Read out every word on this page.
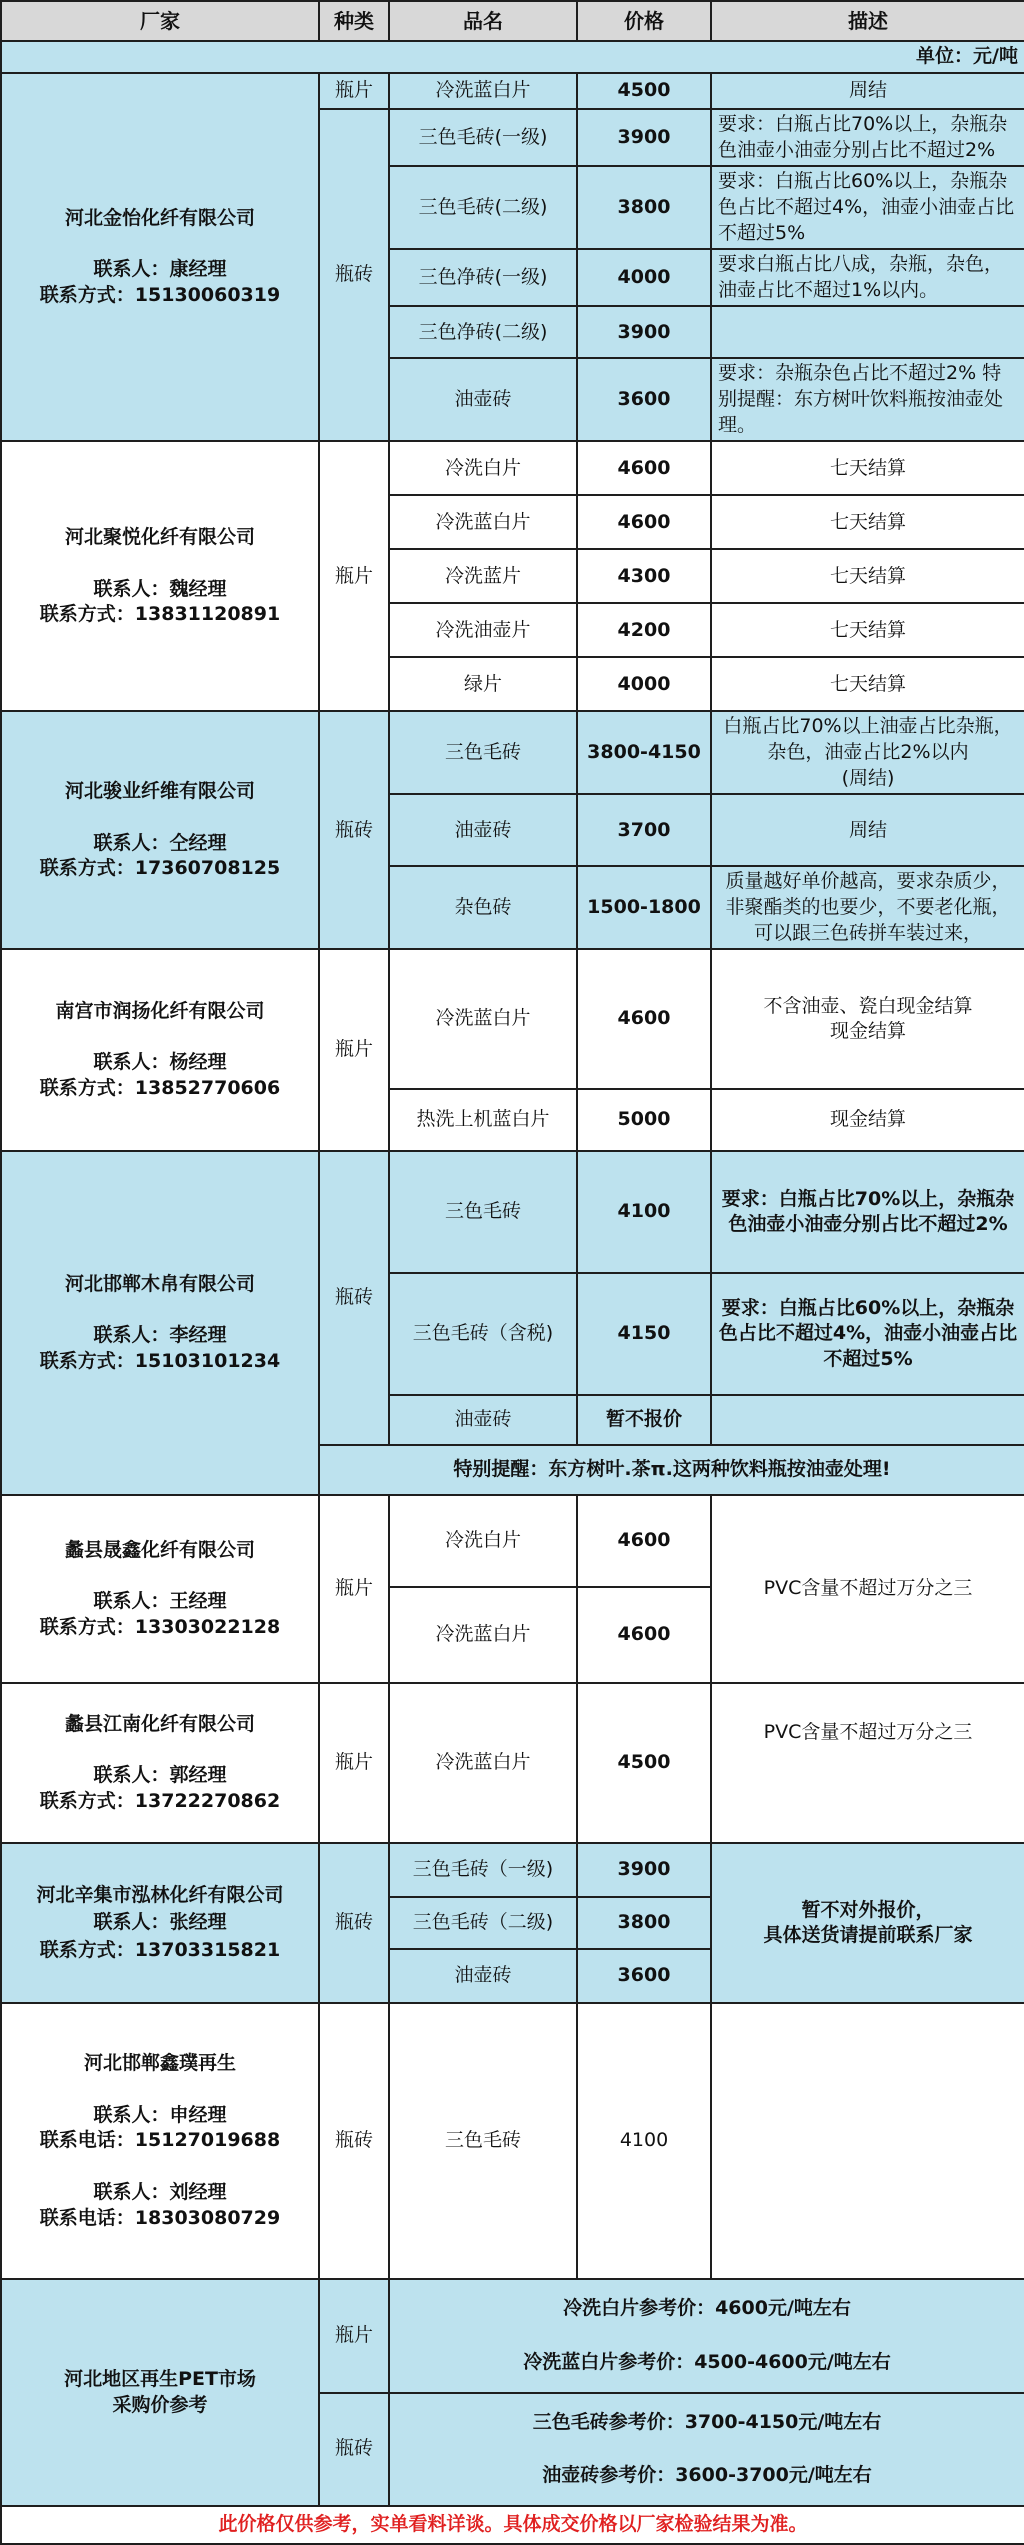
厂家	种类	品名	价格	描述
单位：元/吨				

河北金怡化纤有限公司
联系人：康经理
联系方式：15130060319	瓶片	冷洗蓝白片	4500	周结
	瓶砖	三色毛砖(一级)	3900	要求：白瓶占比70%以上，杂瓶杂色油壶小油壶分别占比不超过2%
		三色毛砖(二级)	3800	要求：白瓶占比60%以上，杂瓶杂色占比不超过4%，油壶小油壶占比不超过5%
		三色净砖(一级)	4000	要求白瓶占比八成，杂瓶，杂色，油壶占比不超过1%以内。
		三色净砖(二级)	3900	
		油壶砖	3600	要求：杂瓶杂色占比不超过2% 特别提醒：东方树叶饮料瓶按油壶处理。

河北聚悦化纤有限公司
联系人：魏经理
联系方式：13831120891	瓶片	冷洗白片	4600	七天结算
		冷洗蓝白片	4600	七天结算
		冷洗蓝片	4300	七天结算
		冷洗油壶片	4200	七天结算
		绿片	4000	七天结算

河北骏业纤维有限公司
联系人：仝经理
联系方式：17360708125	瓶砖	三色毛砖	3800-4150	白瓶占比70%以上油壶占比杂瓶，杂色，油壶占比2%以内
(周结)
		油壶砖	3700	周结
		杂色砖	1500-1800	质量越好单价越高，要求杂质少，非聚酯类的也要少，不要老化瓶，可以跟三色砖拼车装过来，

南宫市润扬化纤有限公司
联系人：杨经理
联系方式：13852770606	瓶片	冷洗蓝白片	4600	不含油壶、瓷白现金结算
现金结算
		热洗上机蓝白片	5000	现金结算

河北邯郸木帛有限公司
联系人：李经理
联系方式：15103101234	瓶砖	三色毛砖	4100	要求：白瓶占比70%以上，杂瓶杂色油壶小油壶分别占比不超过2%
		三色毛砖（含税)	4150	要求：白瓶占比60%以上，杂瓶杂色占比不超过4%，油壶小油壶占比不超过5%
		油壶砖	暂不报价	
	特别提醒：东方树叶.茶π.这两种饮料瓶按油壶处理!			

蠡县晟鑫化纤有限公司
联系人：王经理
联系方式：13303022128	瓶片	冷洗白片	4600	PVC含量不超过万分之三
		冷洗蓝白片	4600	

蠡县江南化纤有限公司
联系人：郭经理
联系方式：13722270862	瓶片	冷洗蓝白片	4500	PVC含量不超过万分之三

河北辛集市泓林化纤有限公司
联系人：张经理
联系方式：13703315821	瓶砖	三色毛砖（一级)	3900	暂不对外报价，
具体送货请提前联系厂家
		三色毛砖（二级)	3800	
		油壶砖	3600	

河北邯郸鑫璞再生
联系人：申经理
联系电话：15127019688
联系人：刘经理
联系电话：18303080729	瓶砖	三色毛砖	4100	

河北地区再生PET市场
采购价参考	瓶片	冷洗白片参考价：4600元/吨左右
冷洗蓝白片参考价：4500-4600元/吨左右		

	瓶砖	三色毛砖参考价：3700-4150元/吨左右
油壶砖参考价：3600-3700元/吨左右		

此价格仅供参考，实单看料详谈。具体成交价格以厂家检验结果为准。				
